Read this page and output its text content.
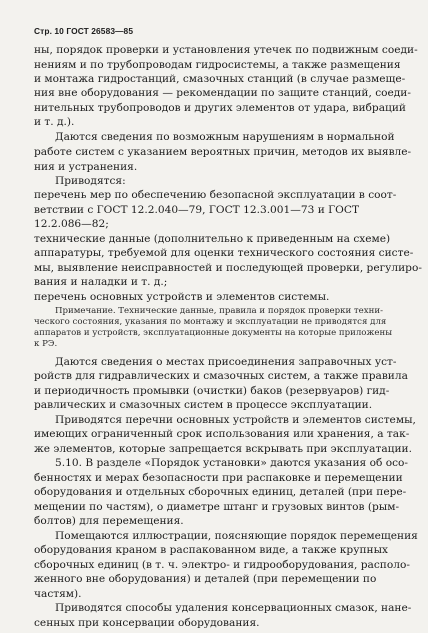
Стр. 10 ГОСТ 26583—85
ны, порядок проверки и установления утечек по подвижным соеди-
нениям и по трубопроводам гидросистемы, а также размещения
и монтажа гидростанций, смазочных станций (в случае размеще-
ния вне оборудования — рекомендации по защите станций, соеди-
нительных трубопроводов и других элементов от удара, вибраций
и т. д.).
Даются сведения по возможным нарушениям в нормальной
работе систем с указанием вероятных причин, методов их выявле-
ния и устранения.
Приводятся:
перечень мер по обеспечению безопасной эксплуатации в соот-
ветствии с ГОСТ 12.2.040—79, ГОСТ 12.3.001—73 и ГОСТ
12.2.086—82;
технические данные (дополнительно к приведенным на схеме)
аппаратуры, требуемой для оценки технического состояния систе-
мы, выявление неисправностей и последующей проверки, регулиро-
вания и наладки и т. д.;
перечень основных устройств и элементов системы.
Примечание. Технические данные, правила и порядок проверки техни-
ческого состояния, указания по монтажу и эксплуатации не приводятся для
аппаратов и устройств, эксплуатационные документы на которые приложены
к РЭ.
Даются сведения о местах присоединения заправочных уст-
ройств для гидравлических и смазочных систем, а также правила
и периодичность промывки (очистки) баков (резервуаров) гид-
равлических и смазочных систем в процессе эксплуатации.
Приводятся перечни основных устройств и элементов системы,
имеющих ограниченный срок использования или хранения, а так-
же элементов, которые запрещается вскрывать при эксплуатации.
5.10. В разделе «Порядок установки» даются указания об осо-
бенностях и мерах безопасности при распаковке и перемещении
оборудования и отдельных сборочных единиц, деталей (при пере-
мещении по частям), о диаметре штанг и грузовых винтов (рым-
болтов) для перемещения.
Помещаются иллюстрации, поясняющие порядок перемещения
оборудования краном в распакованном виде, а также крупных
сборочных единиц (в т. ч. электро- и гидрооборудования, располо-
женного вне оборудования) и деталей (при перемещении по
частям).
Приводятся способы удаления консервационных смазок, нане-
сенных при консервации оборудования.
